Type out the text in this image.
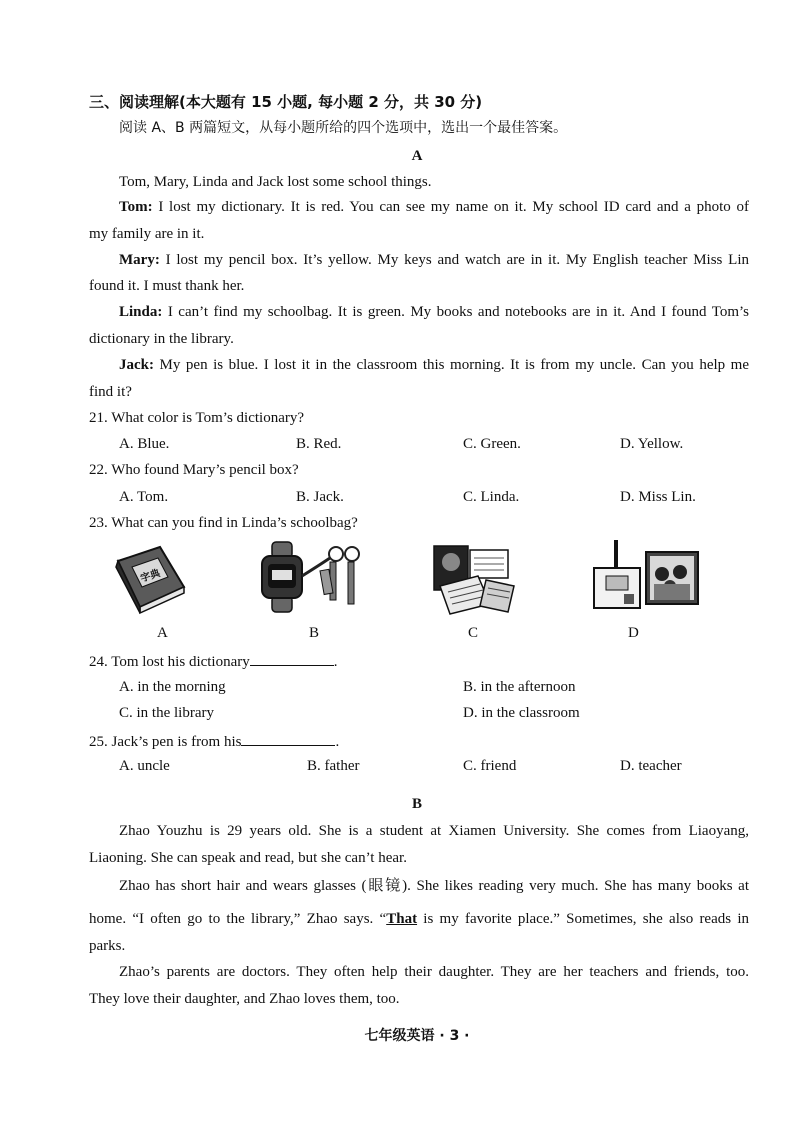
三、阅读理解(本大题有 15 小题, 每小题 2 分，共 30 分)
阅读 A、B 两篇短文，从每小题所给的四个选项中，选出一个最佳答案。
A
Tom, Mary, Linda and Jack lost some school things.
Tom: I lost my dictionary. It is red. You can see my name on it. My school ID card and a photo of
my family are in it.
Mary: I lost my pencil box. It’s yellow. My keys and watch are in it. My English teacher Miss Lin
found it. I must thank her.
Linda: I can’t find my schoolbag. It is green. My books and notebooks are in it. And I found Tom’s
dictionary in the library.
Jack: My pen is blue. I lost it in the classroom this morning. It is from my uncle. Can you help me
find it?
21. What color is Tom’s dictionary?
A. Blue.	B. Red.	C. Green.	D. Yellow.
22. Who found Mary’s pencil box?
A. Tom.	B. Jack.	C. Linda.	D. Miss Lin.
23. What can you find in Linda’s schoolbag?
字典
A	B	C	D
24. Tom lost his dictionary	.
A. in the morning	B. in the afternoon
C. in the library	D. in the classroom
25. Jack’s pen is from his	.
A. uncle	B. father	C. friend	D. teacher
B
Zhao Youzhu is 29 years old. She is a student at Xiamen University. She comes from Liaoyang,
Liaoning. She can speak and read, but she can’t hear.
Zhao has short hair and wears glasses (眼镜). She likes reading very much. She has many books at
home. “I often go to the library,” Zhao says. “That is my favorite place.” Sometimes, she also reads in
parks.
Zhao’s parents are doctors. They often help their daughter. They are her teachers and friends, too.
They love their daughter, and Zhao loves them, too.
七年级英语 · 3 ·
